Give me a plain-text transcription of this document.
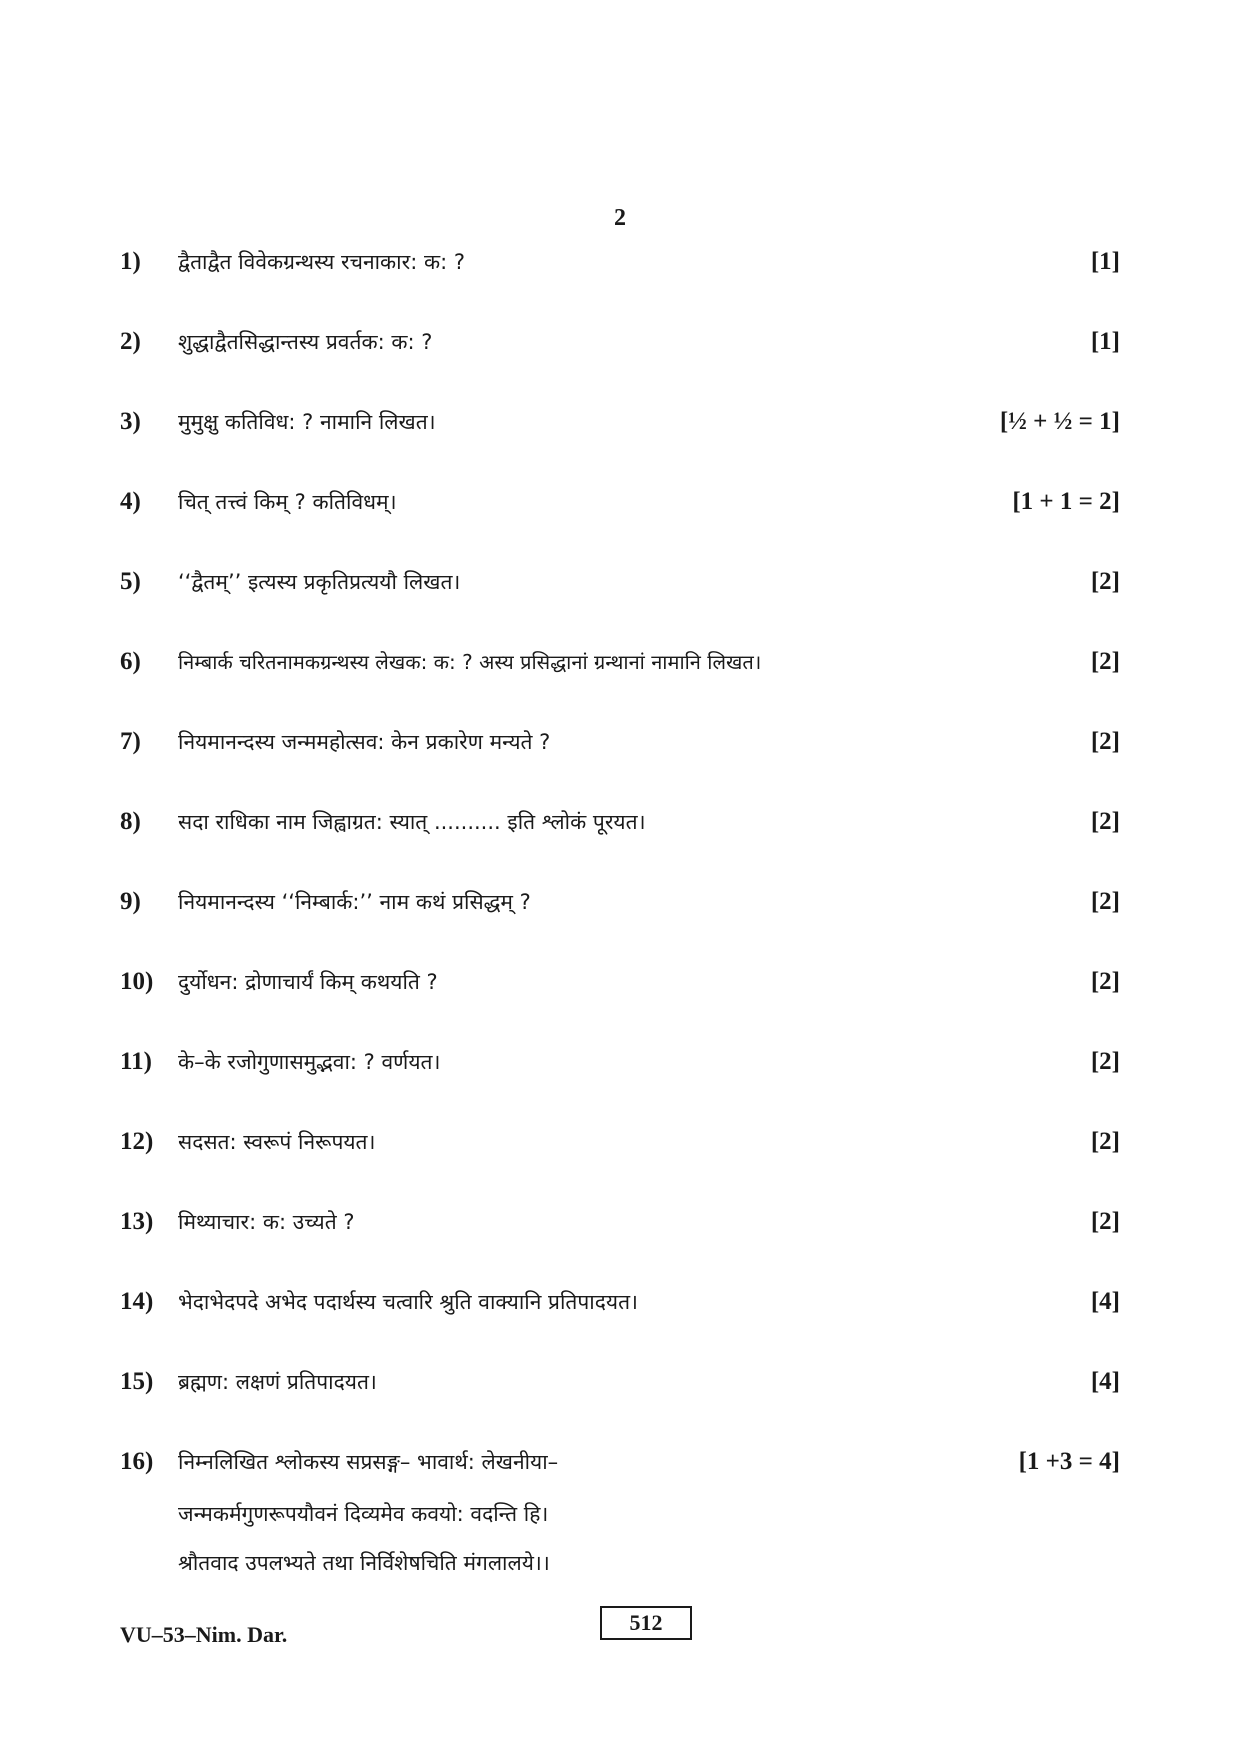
2
1) द्वैताद्वैत विवेकग्रन्थस्य रचनाकार: क: ?	[1]
2) शुद्धाद्वैतसिद्धान्तस्य प्रवर्तक: क: ?	[1]
3) मुमुक्षु कतिविध: ? नामानि लिखत।	[½ + ½ = 1]
4) चित् तत्त्वं किम् ? कतिविधम्।	[1 + 1 = 2]
5) ‘‘द्वैतम्’’ इत्यस्य प्रकृतिप्रत्ययौ लिखत।	[2]
6) निम्बार्क चरितनामकग्रन्थस्य लेखक: क: ? अस्य प्रसिद्धानां ग्रन्थानां नामानि लिखत।	[2]
7) नियमानन्दस्य जन्ममहोत्सव: केन प्रकारेण मन्यते ?	[2]
8) सदा राधिका नाम जिह्वाग्रत: स्यात् .......... इति श्लोकं पूरयत।	[2]
9) नियमानन्दस्य ‘‘निम्बार्क:’’ नाम कथं प्रसिद्धम् ?	[2]
10) दुर्योधन: द्रोणाचार्यं किम् कथयति ?	[2]
11) के–के रजोगुणासमुद्भवा: ? वर्णयत।	[2]
12) सदसत: स्वरूपं निरूपयत।	[2]
13) मिथ्याचार: क: उच्यते ?	[2]
14) भेदाभेदपदे अभेद पदार्थस्य चत्वारि श्रुति वाक्यानि प्रतिपादयत।	[4]
15) ब्रह्मण: लक्षणं प्रतिपादयत।	[4]
16) निम्नलिखित श्लोकस्य सप्रसङ्ग– भावार्थ: लेखनीया–	[1 +3 = 4]
जन्मकर्मगुणरूपयौवनं दिव्यमेव कवयो: वदन्ति हि।
श्रौतवाद उपलभ्यते तथा निर्विशेषचिति मंगलालये।।
VU–53–Nim. Dar.	512
